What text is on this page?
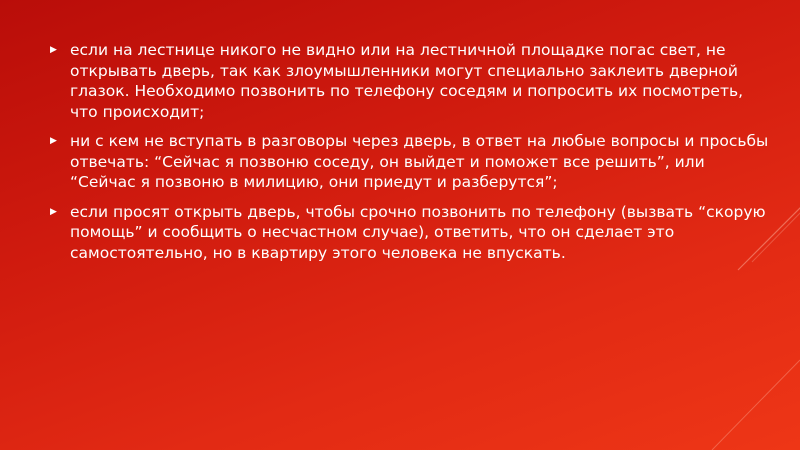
▶ если на лестнице никого не видно или на лестничной площадке погас свет, не открывать дверь, так как злоумышленники могут специально заклеить дверной глазок. Необходимо позвонить по телефону соседям и попросить их посмотреть, что происходит;
▶ ни с кем не вступать в разговоры через дверь, в ответ на любые вопросы и просьбы отвечать: “Сейчас я позвоню соседу, он выйдет и поможет все решить”, или “Сейчас я позвоню в милицию, они приедут и разберутся”;
▶ если просят открыть дверь, чтобы срочно позвонить по телефону (вызвать “скорую помощь” и сообщить о несчастном случае), ответить, что он сделает это самостоятельно, но в квартиру этого человека не впускать.
